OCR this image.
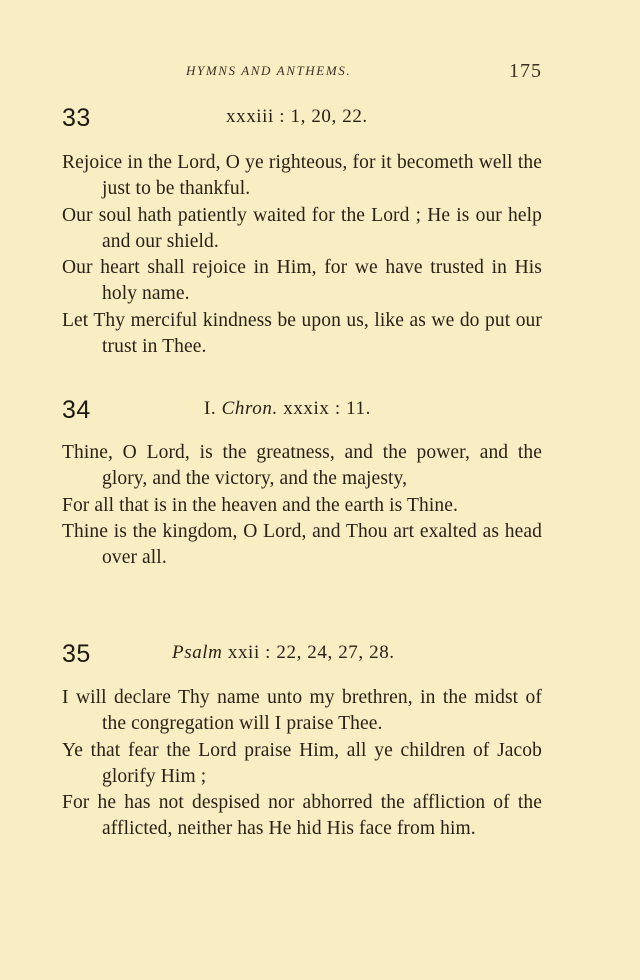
HYMNS AND ANTHEMS.	175
33	xxxiii : 1, 20, 22.

Rejoice in the Lord, O ye righteous, for it becometh well the just to be thankful.

Our soul hath patiently waited for the Lord ; He is our help and our shield.

Our heart shall rejoice in Him, for we have trusted in His holy name.

Let Thy merciful kindness be upon us, like as we do put our trust in Thee.

34	I. Chron. xxxix : 11.

Thine, O Lord, is the greatness, and the power, and the glory, and the victory, and the majesty,

For all that is in the heaven and the earth is Thine.

Thine is the kingdom, O Lord, and Thou art exalted as head over all.

35	Psalm xxii : 22, 24, 27, 28.

I will declare Thy name unto my brethren, in the midst of the congregation will I praise Thee.

Ye that fear the Lord praise Him, all ye children of Jacob glorify Him ;

For he has not despised nor abhorred the affliction of the afflicted, neither has He hid His face from him.
